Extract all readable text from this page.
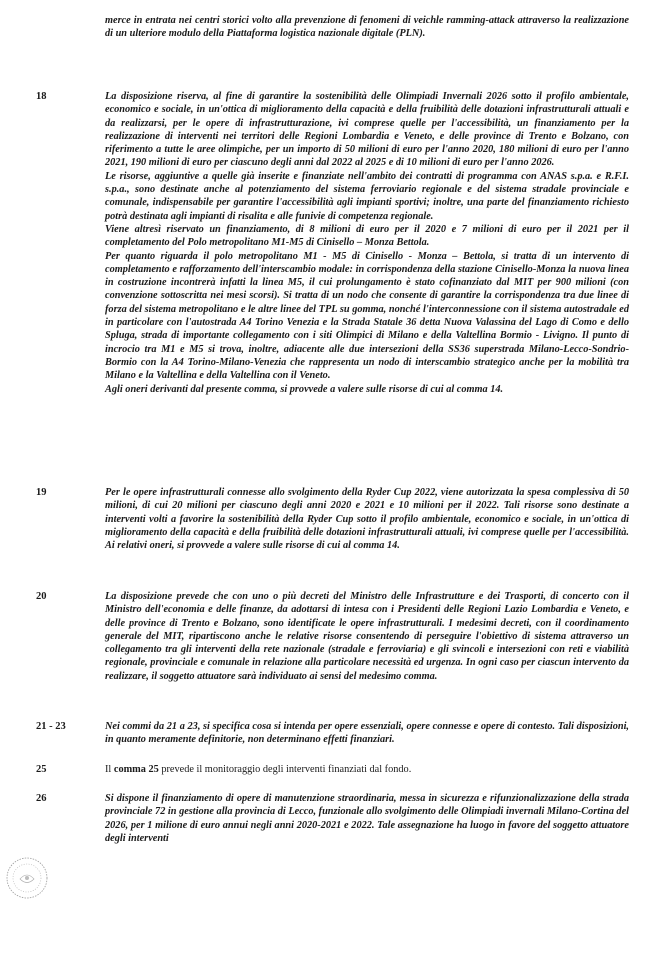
merce in entrata nei centri storici volto alla prevenzione di fenomeni di veichle ramming-attack attraverso la realizzazione di un ulteriore modulo della Piattaforma logistica nazionale digitale (PLN).
18	La disposizione riserva, al fine di garantire la sostenibilità delle Olimpiadi Invernali 2026 sotto il profilo ambientale, economico e sociale, in un'ottica di miglioramento della capacità e della fruibilità delle dotazioni infrastrutturali attuali e da realizzarsi, per le opere di infrastrutturazione, ivi comprese quelle per l'accessibilità, un finanziamento per la realizzazione di interventi nei territori delle Regioni Lombardia e Veneto, e delle province di Trento e Bolzano, con riferimento a tutte le aree olimpiche, per un importo di 50 milioni di euro per l'anno 2020, 180 milioni di euro per l'anno 2021, 190 milioni di euro per ciascuno degli anni dal 2022 al 2025 e di 10 milioni di euro per l'anno 2026.

Le risorse, aggiuntive a quelle già inserite e finanziate nell'ambito dei contratti di programma con ANAS s.p.a. e R.F.I. s.p.a., sono destinate anche al potenziamento del sistema ferroviario regionale e del sistema stradale provinciale e comunale, indispensabile per garantire l'accessibilità agli impianti sportivi; inoltre, una parte del finanziamento richiesto potrà destinata agli impianti di risalita e alle funivie di competenza regionale.

Viene altresì riservato un finanziamento, di 8 milioni di euro per il 2020 e 7 milioni di euro per il 2021 per il completamento del Polo metropolitano M1-M5 di Cinisello – Monza Bettola.

Per quanto riguarda il polo metropolitano M1 - M5 di Cinisello - Monza – Bettola, si tratta di un intervento di completamento e rafforzamento dell'interscambio modale: in corrispondenza della stazione Cinisello-Monza la nuova linea in costruzione incontrerà infatti la linea M5, il cui prolungamento è stato cofinanziato dal MIT per 900 milioni (con convenzione sottoscritta nei mesi scorsi). Si tratta di un nodo che consente di garantire la corrispondenza tra due linee di forza del sistema metropolitano e le altre linee del TPL su gomma, nonché l'interconnessione con il sistema autostradale ed in particolare con l'autostrada A4 Torino Venezia e la Strada Statale 36 detta Nuova Valassina del Lago di Como e dello Spluga, strada di importante collegamento con i siti Olimpici di Milano e della Valtellina Bormio - Livigno. Il punto di incrocio tra M1 e M5 si trova, inoltre, adiacente alle due intersezioni della SS36 superstrada Milano-Lecco-Sondrio-Bormio con la A4 Torino-Milano-Venezia che rappresenta un nodo di interscambio strategico anche per la mobilità tra Milano e la Valtellina e della Valtellina con il Veneto.

Agli oneri derivanti dal presente comma, si provvede a valere sulle risorse di cui al comma 14.

19	Per le opere infrastrutturali connesse allo svolgimento della Ryder Cup 2022, viene autorizzata la spesa complessiva di 50 milioni, di cui 20 milioni per ciascuno degli anni 2020 e 2021 e 10 milioni per il 2022. Tali risorse sono destinate a interventi volti a favorire la sostenibilità della Ryder Cup sotto il profilo ambientale, economico e sociale, in un'ottica di miglioramento della capacità e della fruibilità delle dotazioni infrastrutturali attuali, ivi comprese quelle per l'accessibilità. Ai relativi oneri, si provvede a valere sulle risorse di cui al comma 14.

20	La disposizione prevede che con uno o più decreti del Ministro delle Infrastrutture e dei Trasporti, di concerto con il Ministro dell'economia e delle finanze, da adottarsi di intesa con i Presidenti delle Regioni Lazio Lombardia e Veneto, e delle province di Trento e Bolzano, sono identificate le opere infrastrutturali. I medesimi decreti, con il coordinamento generale del MIT, ripartiscono anche le relative risorse consentendo di perseguire l'obiettivo di sistema attraverso un collegamento tra gli interventi della rete nazionale (stradale e ferroviaria) e gli svincoli e intersezioni con reti e viabilità regionale, provinciale e comunale in relazione alla particolare necessità ed urgenza. In ogni caso per ciascun intervento da realizzare, il soggetto attuatore sarà individuato ai sensi del medesimo comma.

21 - 23	Nei commi da 21 a 23, si specifica cosa si intenda per opere essenziali, opere connesse e opere di contesto. Tali disposizioni, in quanto meramente definitorie, non determinano effetti finanziari.

25	Il comma 25 prevede il monitoraggio degli interventi finanziati dal fondo.
26	Si dispone il finanziamento di opere di manutenzione straordinaria, messa in sicurezza e rifunzionalizzazione della strada provinciale 72 in gestione alla provincia di Lecco, funzionale allo svolgimento delle Olimpiadi invernali Milano-Cortina del 2026, per 1 milione di euro annui negli anni 2020-2021 e 2022. Tale assegnazione ha luogo in favore del soggetto attuatore degli interventi
